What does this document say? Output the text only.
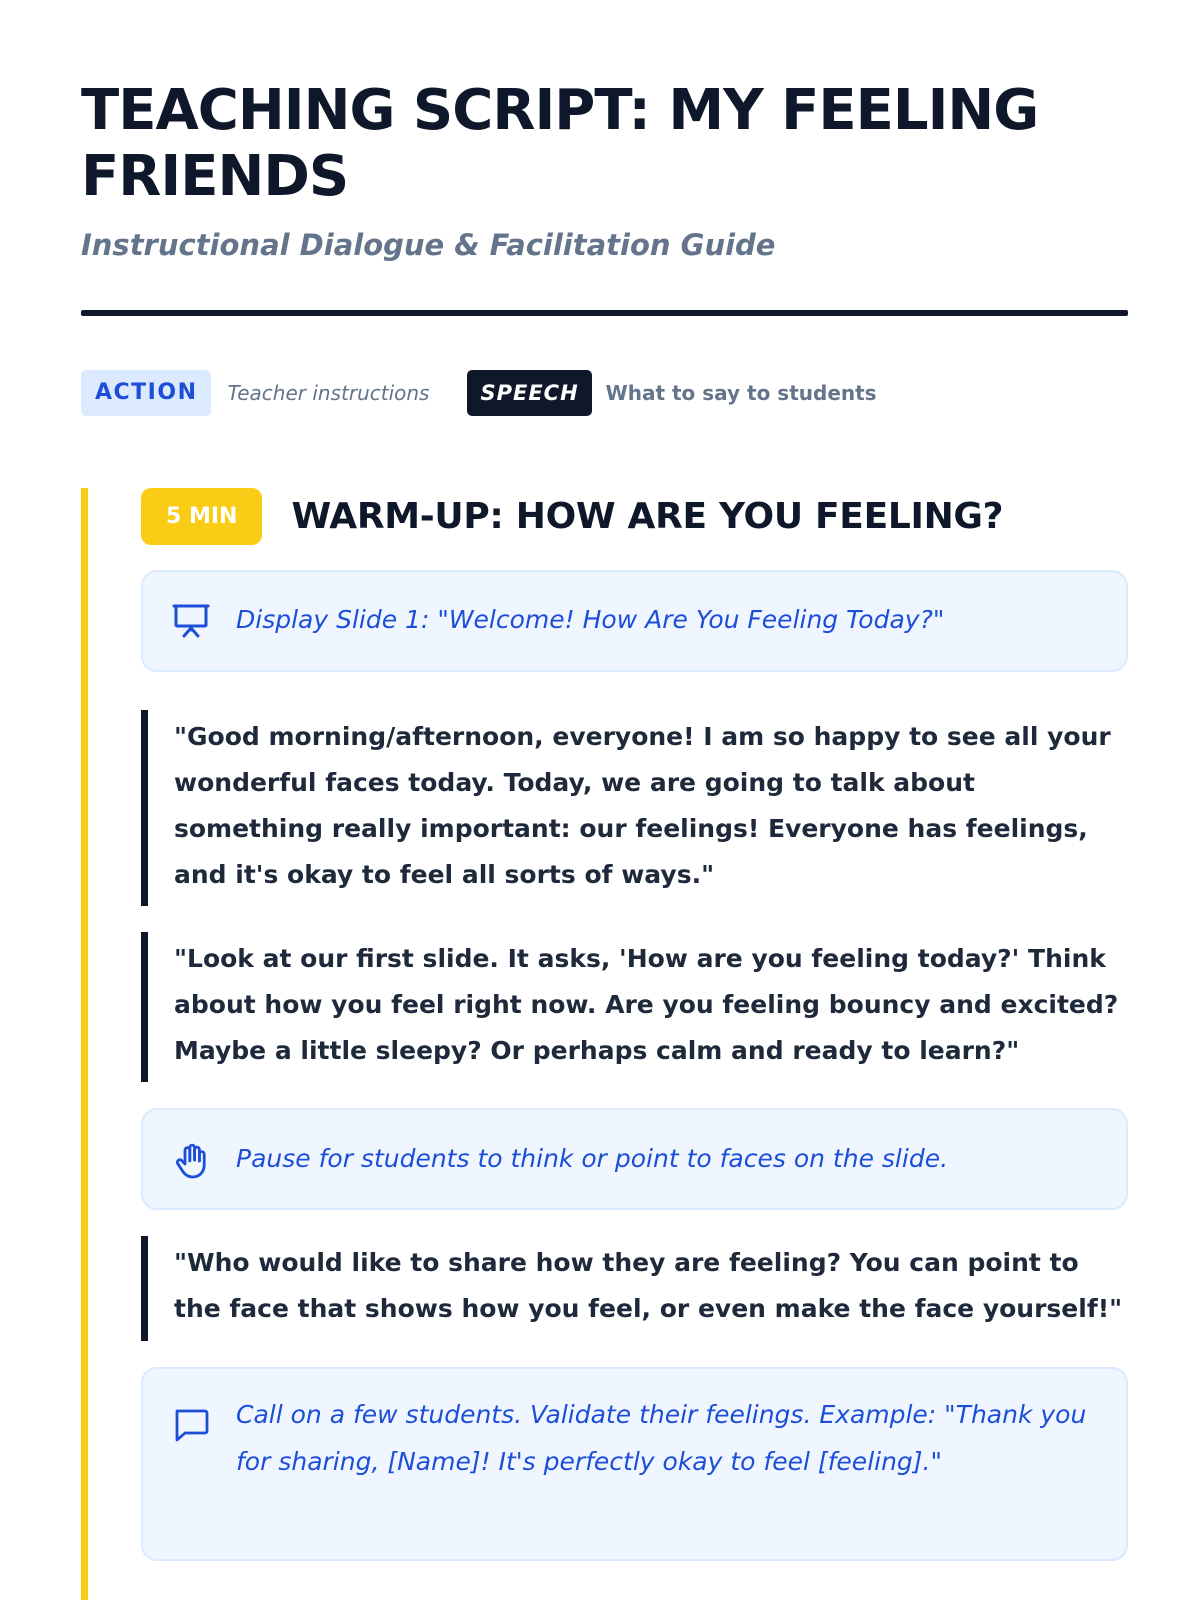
TEACHING SCRIPT: MY FEELING FRIENDS
Instructional Dialogue & Facilitation Guide
ACTION	Teacher instructions	SPEECH	What to say to students
5 MIN	WARM-UP: HOW ARE YOU FEELING?
Display Slide 1: "Welcome! How Are You Feeling Today?"
"Good morning/afternoon, everyone! I am so happy to see all your wonderful faces today. Today, we are going to talk about something really important: our feelings! Everyone has feelings, and it's okay to feel all sorts of ways."
"Look at our first slide. It asks, 'How are you feeling today?' Think about how you feel right now. Are you feeling bouncy and excited? Maybe a little sleepy? Or perhaps calm and ready to learn?"
Pause for students to think or point to faces on the slide.
"Who would like to share how they are feeling? You can point to the face that shows how you feel, or even make the face yourself!"
Call on a few students. Validate their feelings. Example: "Thank you for sharing, [Name]! It's perfectly okay to feel [feeling]."
